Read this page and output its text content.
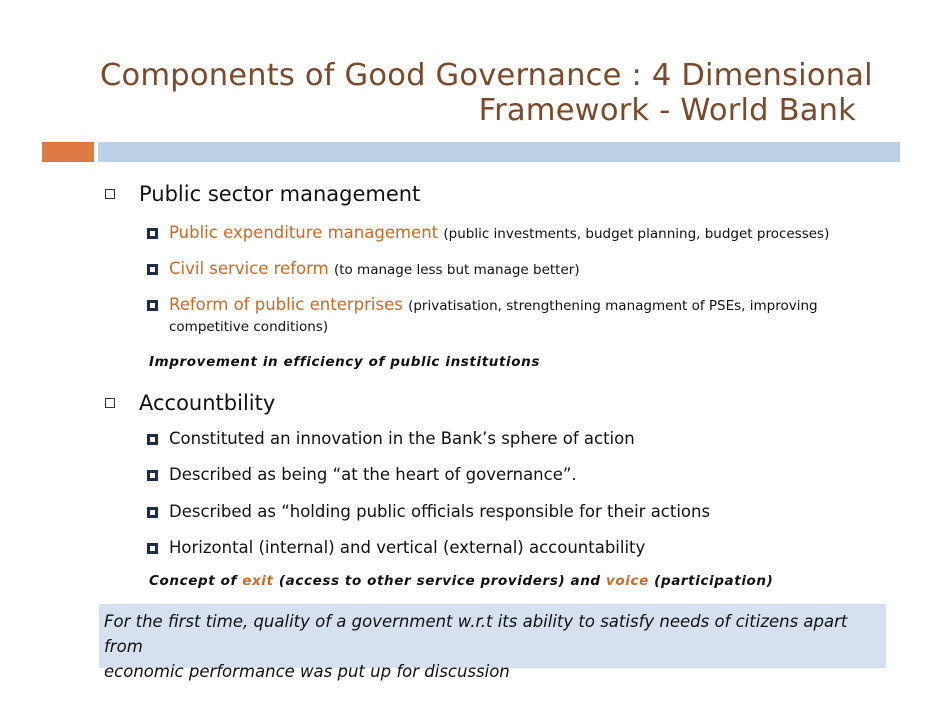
Components of Good Governance : 4 Dimensional
Framework - World Bank
Public sector management
Public expenditure management (public investments, budget planning, budget processes)
Civil service reform (to manage less but manage better)
Reform of public enterprises (privatisation, strengthening managment of PSEs, improving
competitive conditions)
Improvement in efficiency of public institutions
Accountbility
Constituted an innovation in the Bank’s sphere of action
Described as being “at the heart of governance”.
Described as “holding public officials responsible for their actions
Horizontal (internal) and vertical (external) accountability
Concept of exit (access to other service providers) and voice (participation)
For the first time, quality of a government w.r.t its ability to satisfy needs of citizens apart from
economic performance was put up for discussion
